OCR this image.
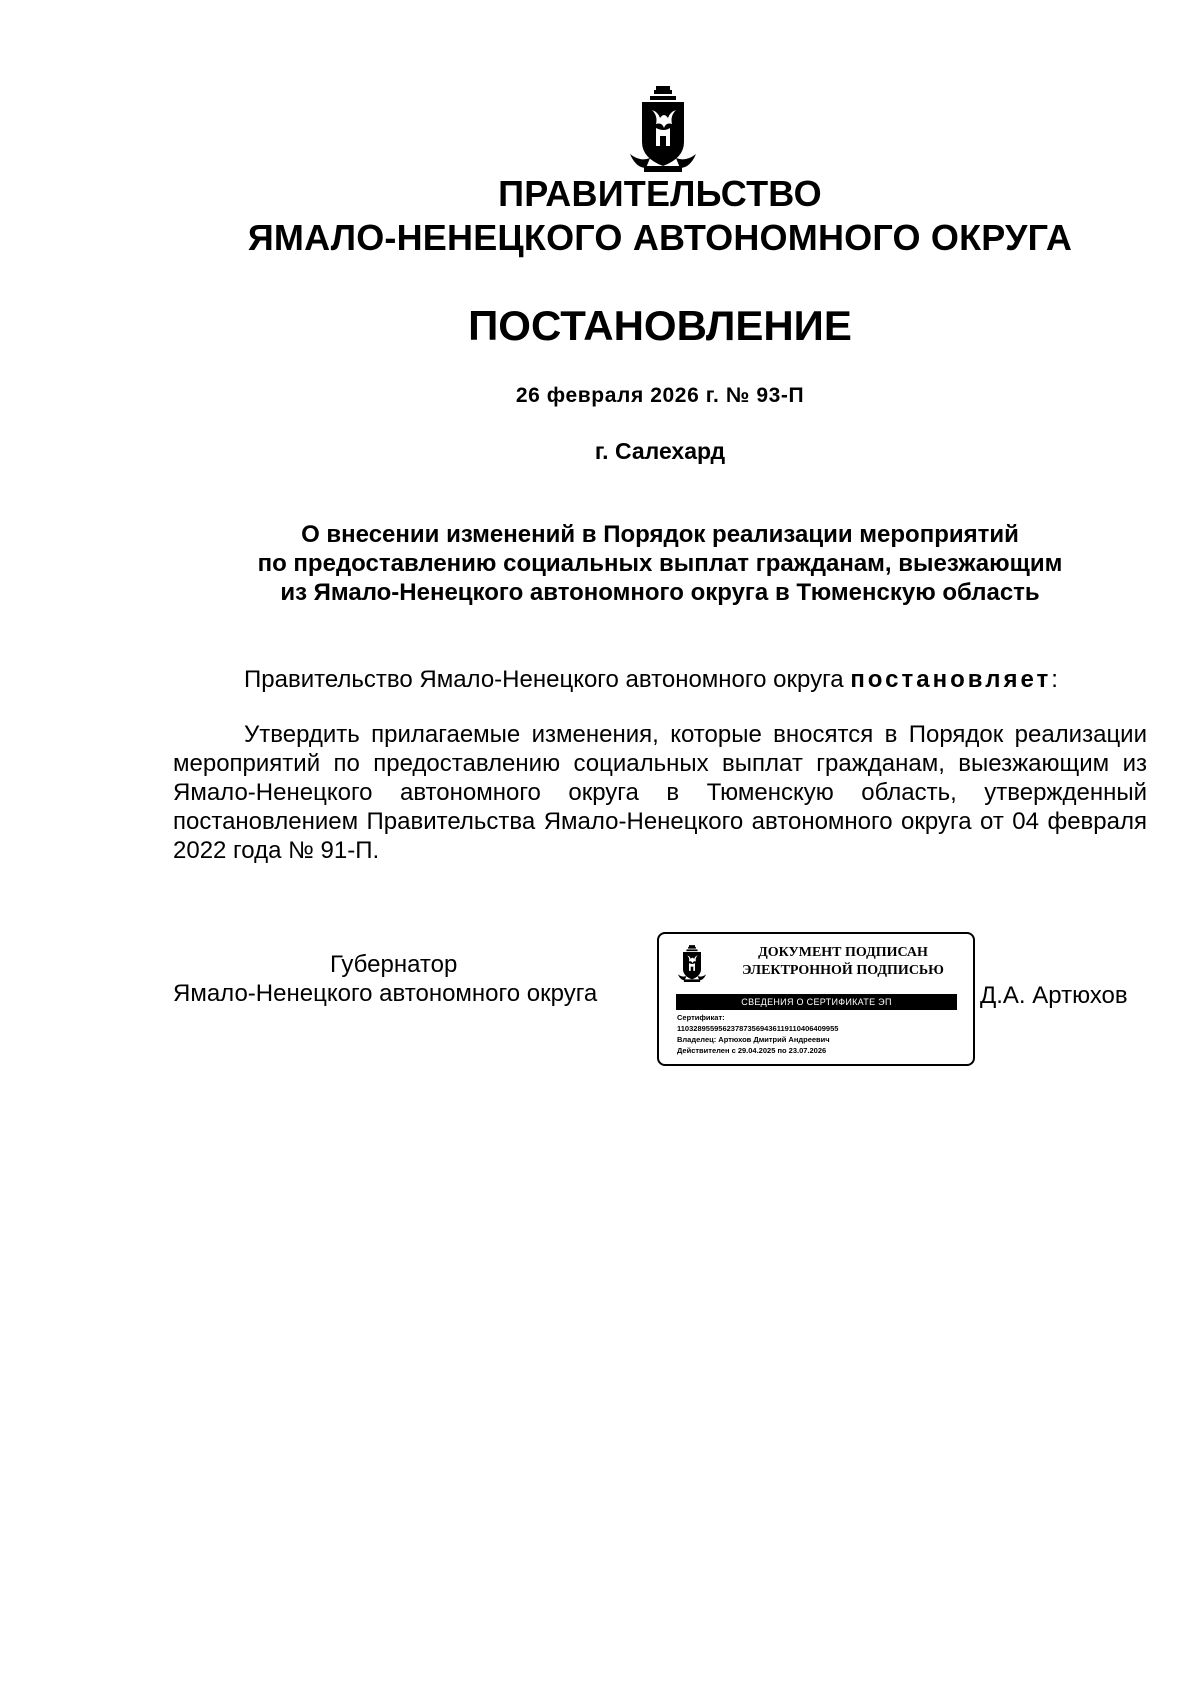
ПРАВИТЕЛЬСТВО
ЯМАЛО-НЕНЕЦКОГО АВТОНОМНОГО ОКРУГА
ПОСТАНОВЛЕНИЕ
26 февраля 2026 г. № 93-П
г. Салехард
О внесении изменений в Порядок реализации мероприятий
по предоставлению социальных выплат гражданам, выезжающим
из Ямало-Ненецкого автономного округа в Тюменскую область
Правительство Ямало-Ненецкого автономного округа постановляет:
Утвердить прилагаемые изменения, которые вносятся в Порядок реализации мероприятий по предоставлению социальных выплат гражданам, выезжающим из Ямало-Ненецкого автономного округа в Тюменскую область, утвержденный постановлением Правительства Ямало-Ненецкого автономного округа от 04 февраля 2022 года № 91-П.
Губернатор
Ямало-Ненецкого автономного округа
ДОКУМЕНТ ПОДПИСАН
ЭЛЕКТРОННОЙ ПОДПИСЬЮ
СВЕДЕНИЯ О СЕРТИФИКАТЕ ЭП
Сертификат:
110328955956237873569436119110406409955
Владелец: Артюхов Дмитрий Андреевич
Действителен с 29.04.2025 по 23.07.2026
Д.А. Артюхов
